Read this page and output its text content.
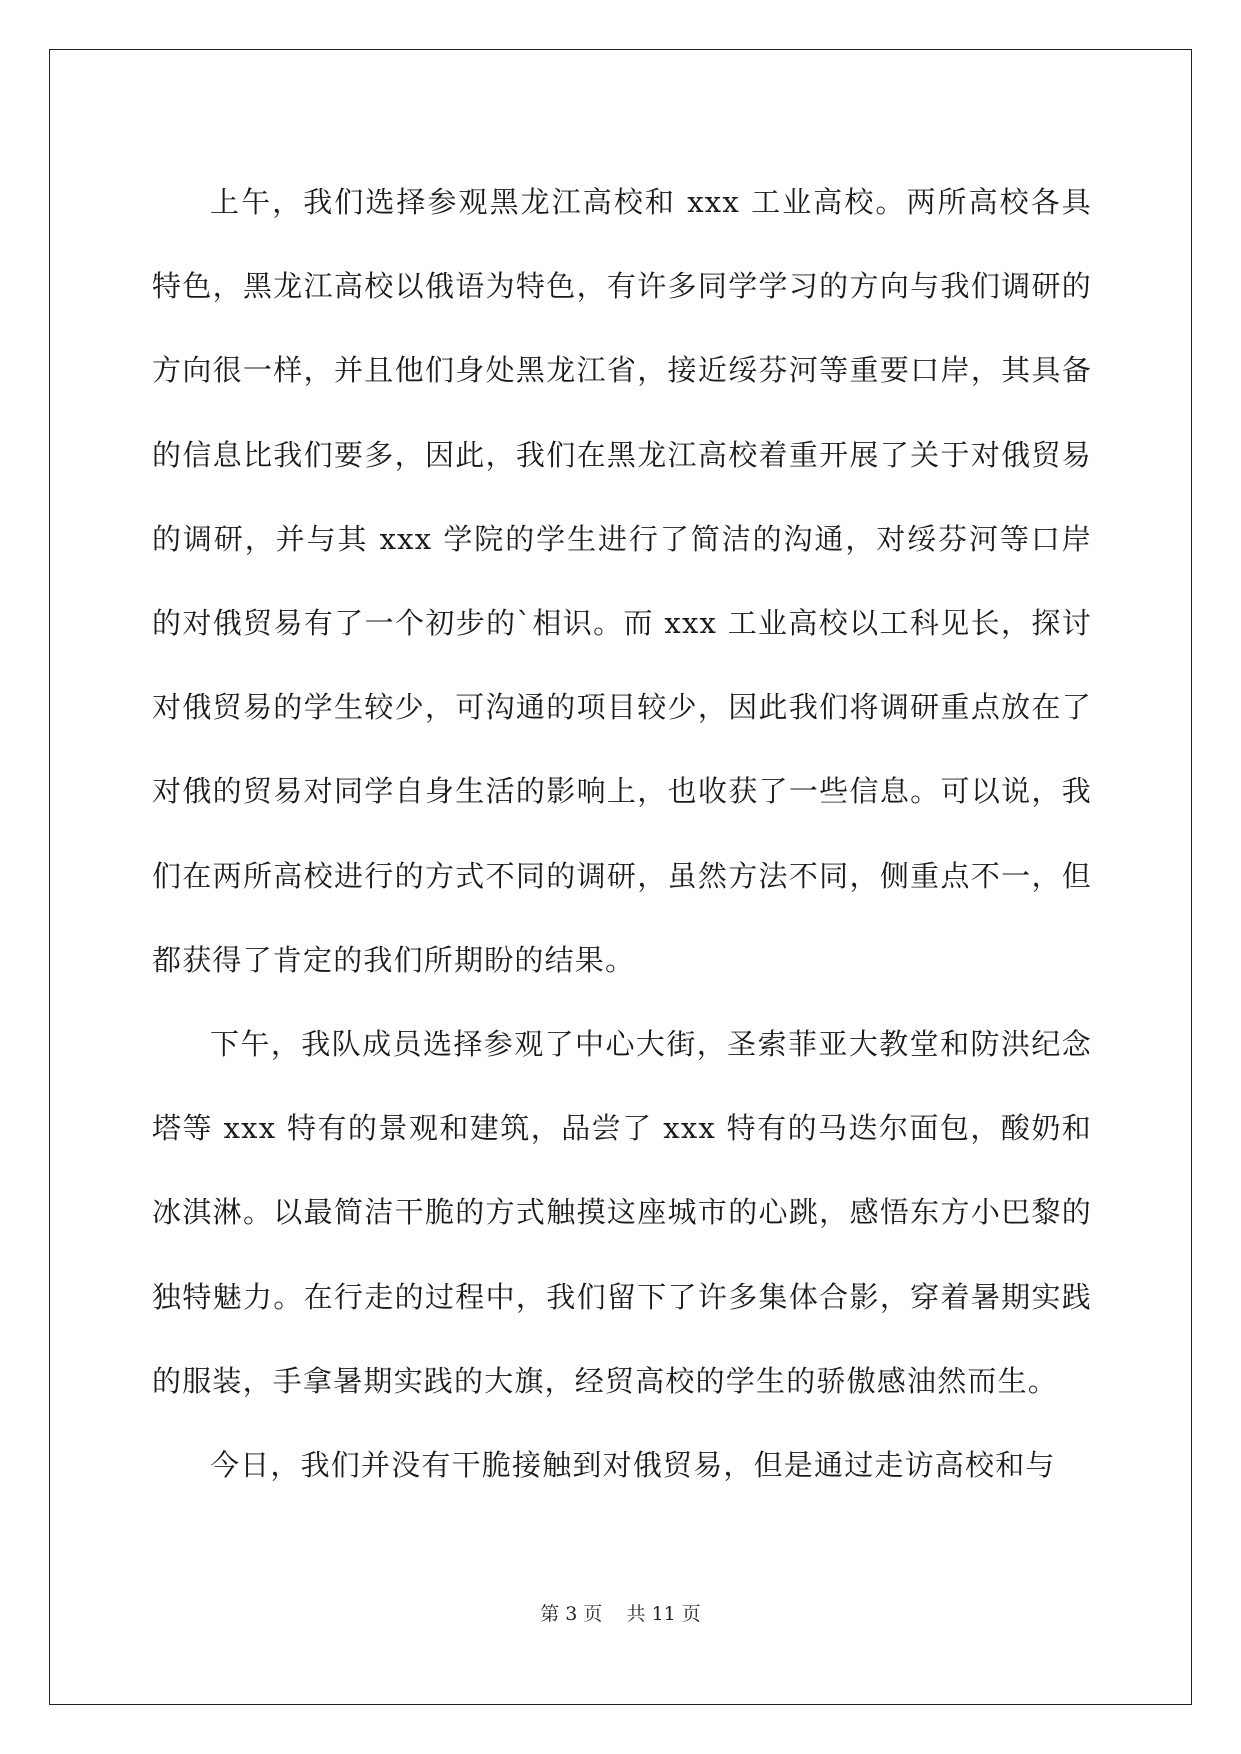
上午，我们选择参观黑龙江高校和 xxx 工业高校。两所高校各具特色，黑龙江高校以俄语为特色，有许多同学学习的方向与我们调研的方向很一样，并且他们身处黑龙江省，接近绥芬河等重要口岸，其具备的信息比我们要多，因此，我们在黑龙江高校着重开展了关于对俄贸易的调研，并与其 xxx 学院的学生进行了简洁的沟通，对绥芬河等口岸的对俄贸易有了一个初步的`相识。而 xxx 工业高校以工科见长，探讨对俄贸易的学生较少，可沟通的项目较少，因此我们将调研重点放在了对俄的贸易对同学自身生活的影响上，也收获了一些信息。可以说，我们在两所高校进行的方式不同的调研，虽然方法不同，侧重点不一，但都获得了肯定的我们所期盼的结果。

下午，我队成员选择参观了中心大街，圣索菲亚大教堂和防洪纪念塔等 xxx 特有的景观和建筑，品尝了 xxx 特有的马迭尔面包，酸奶和冰淇淋。以最简洁干脆的方式触摸这座城市的心跳，感悟东方小巴黎的独特魅力。在行走的过程中，我们留下了许多集体合影，穿着暑期实践的服装，手拿暑期实践的大旗，经贸高校的学生的骄傲感油然而生。

今日，我们并没有干脆接触到对俄贸易，但是通过走访高校和与

第 3 页    共 11 页
